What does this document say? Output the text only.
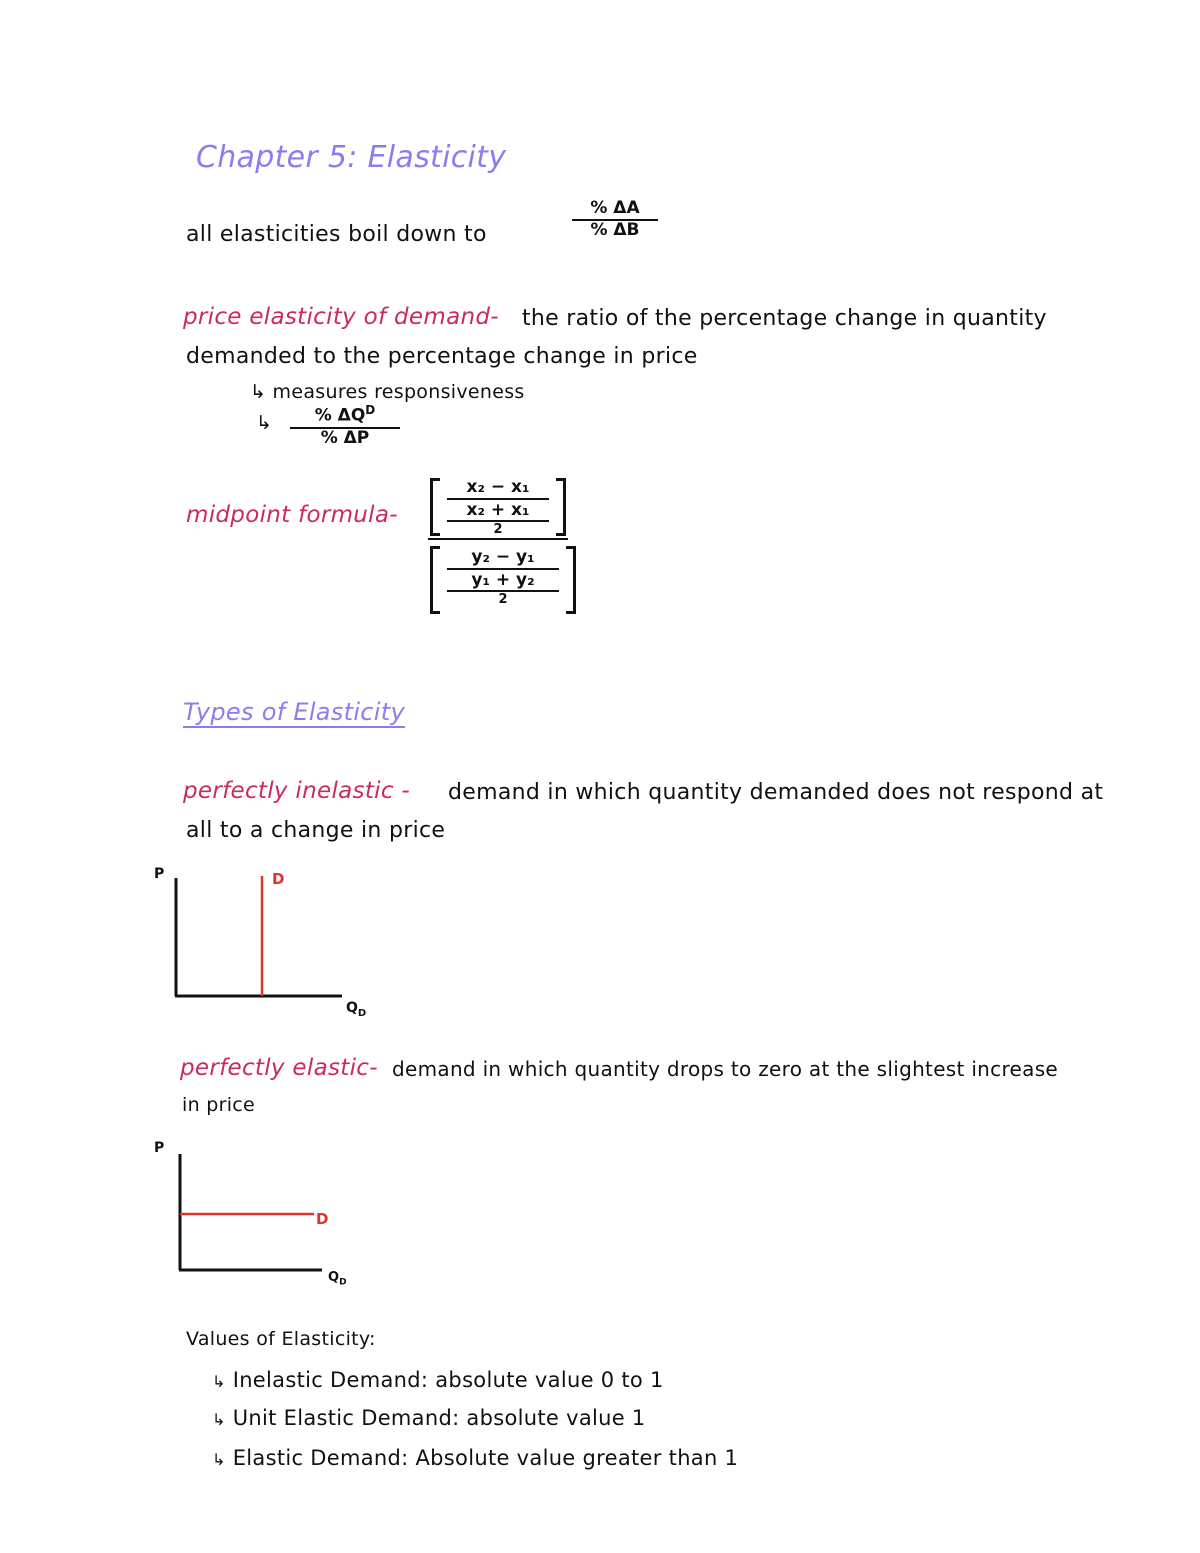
Chapter 5: Elasticity
all elasticities boil down to
% ΔA
% ΔB
price elasticity of demand- the ratio of the percentage change in quantity
demanded to the percentage change in price
↳ measures responsiveness
↳	% $\Delta Q^D$
% ΔP
midpoint formula-
x₂ − x₁
x₂ + x₁
2
y₂ − y₁
y₁ + y₂
2
Types of Elasticity
perfectly inelastic - demand in which quantity demanded does not respond at
all to a change in price
P	D
$Q_D$
perfectly elastic- demand in which quantity drops to zero at the slightest increase
in price
P
D
$Q_D$
Values of Elasticity:
↳ Inelastic Demand: absolute value 0 to 1
↳ Unit Elastic Demand: absolute value 1
↳ Elastic Demand: Absolute value greater than 1
